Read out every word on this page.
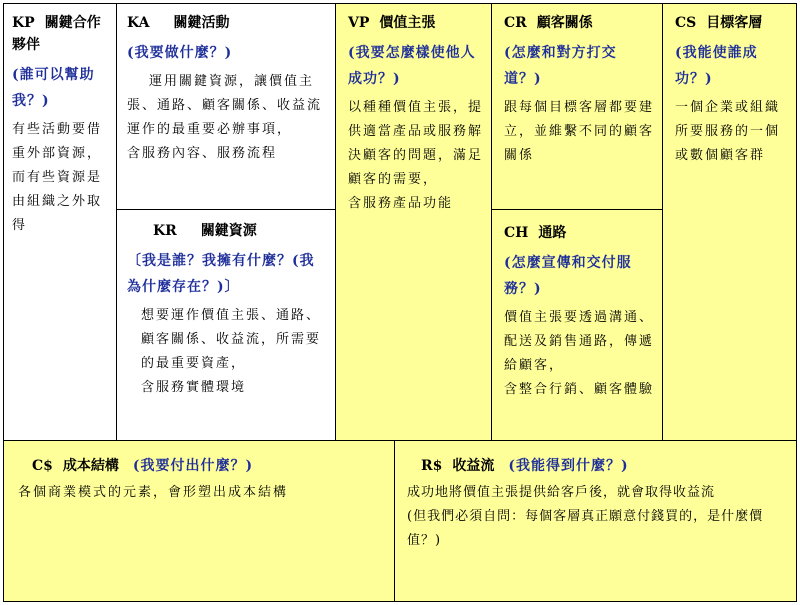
KP 關鍵合作夥伴
(誰可以幫助我？)
有些活動要借重外部資源，而有些資源是由組織之外取得
KA 關鍵活動
(我要做什麼？)
運用關鍵資源，讓價值主張、通路、顧客關係、收益流運作的最重要必辦事項，
含服務內容、服務流程
KR 關鍵資源
〔我是誰？我擁有什麼？(我為什麼存在？)〕
想要運作價值主張、通路、顧客關係、收益流，所需要的最重要資產，
含服務實體環境
VP 價值主張
(我要怎麼樣使他人成功？)
以種種價值主張，提供適當產品或服務解決顧客的問題，滿足顧客的需要，
含服務產品功能
CR 顧客關係
(怎麼和對方打交道？)
跟每個目標客層都要建立，並維繫不同的顧客關係
CH 通路
(怎麼宣傳和交付服務？)
價值主張要透過溝通、配送及銷售通路，傳遞給顧客，
含整合行銷、顧客體驗
CS 目標客層
(我能使誰成功？)
一個企業或組織所要服務的一個或數個顧客群
C$ 成本結構 (我要付出什麼？)
各個商業模式的元素，會形塑出成本結構
R$ 收益流 (我能得到什麼？)
成功地將價值主張提供給客戶後，就會取得收益流
(但我們必須自問：每個客層真正願意付錢買的，是什麼價值？)
